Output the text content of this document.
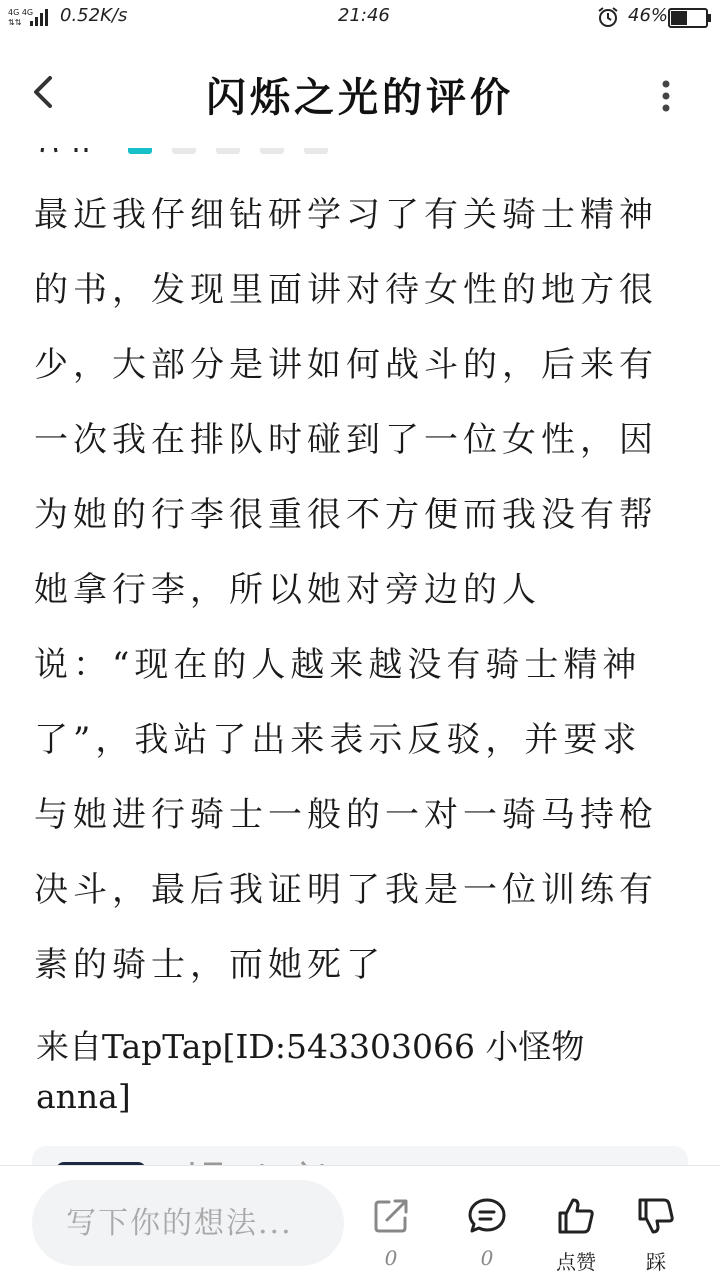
4G 4G
⇅⇅ 0.52K/s	21:46	46%
闪烁之光的评价
最近我仔细钻研学习了有关骑士精神的书，发现里面讲对待女性的地方很少，大部分是讲如何战斗的，后来有一次我在排队时碰到了一位女性，因为她的行李很重很不方便而我没有帮她拿行李，所以她对旁边的人说：“现在的人越来越没有骑士精神了”，我站了出来表示反驳，并要求与她进行骑士一般的一对一骑马持枪决斗，最后我证明了我是一位训练有素的骑士，而她死了
来自TapTap[ID:543303066 小怪物anna]
写下你的想法...
0	0	点赞	踩
